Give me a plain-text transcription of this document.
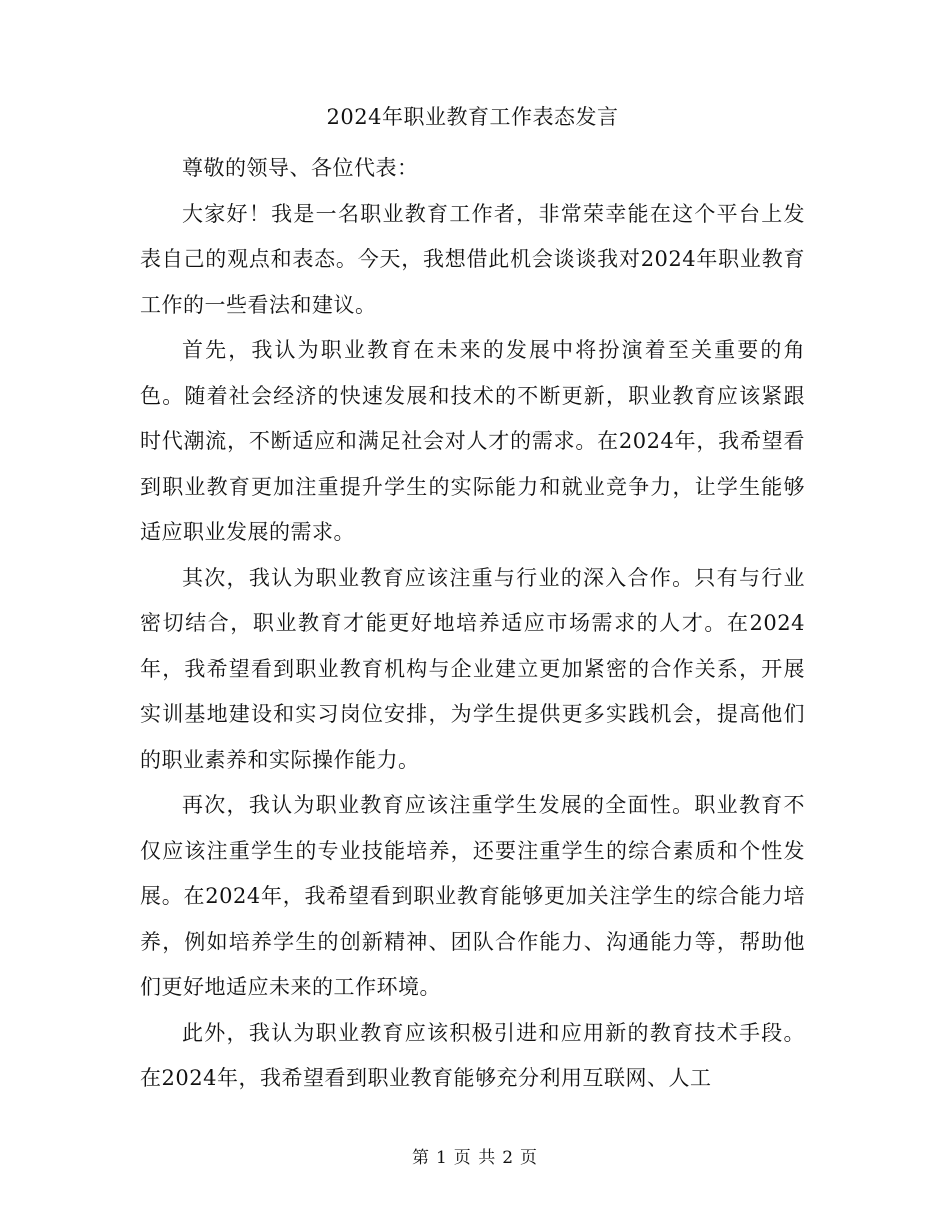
2024年职业教育工作表态发言

尊敬的领导、各位代表：

大家好！我是一名职业教育工作者，非常荣幸能在这个平台上发表自己的观点和表态。今天，我想借此机会谈谈我对2024年职业教育工作的一些看法和建议。

首先，我认为职业教育在未来的发展中将扮演着至关重要的角色。随着社会经济的快速发展和技术的不断更新，职业教育应该紧跟时代潮流，不断适应和满足社会对人才的需求。在2024年，我希望看到职业教育更加注重提升学生的实际能力和就业竞争力，让学生能够适应职业发展的需求。

其次，我认为职业教育应该注重与行业的深入合作。只有与行业密切结合，职业教育才能更好地培养适应市场需求的人才。在2024年，我希望看到职业教育机构与企业建立更加紧密的合作关系，开展实训基地建设和实习岗位安排，为学生提供更多实践机会，提高他们的职业素养和实际操作能力。

再次，我认为职业教育应该注重学生发展的全面性。职业教育不仅应该注重学生的专业技能培养，还要注重学生的综合素质和个性发展。在2024年，我希望看到职业教育能够更加关注学生的综合能力培养，例如培养学生的创新精神、团队合作能力、沟通能力等，帮助他们更好地适应未来的工作环境。

此外，我认为职业教育应该积极引进和应用新的教育技术手段。在2024年，我希望看到职业教育能够充分利用互联网、人工

第 1 页 共 2 页
